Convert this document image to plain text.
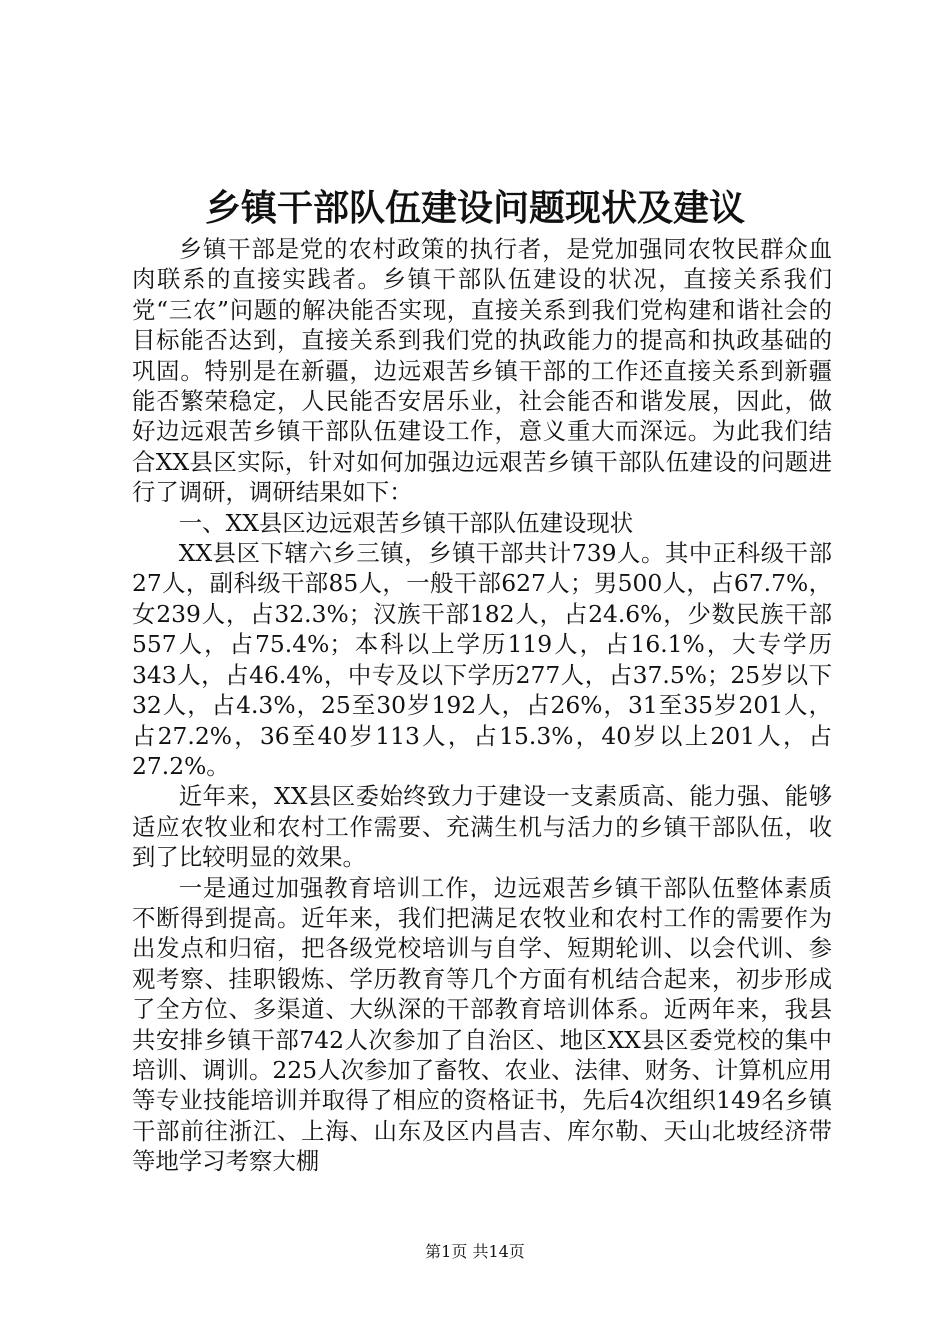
乡镇干部队伍建设问题现状及建议

乡镇干部是党的农村政策的执行者，是党加强同农牧民群众血肉联系的直接实践者。乡镇干部队伍建设的状况，直接关系我们党“三农”问题的解决能否实现，直接关系到我们党构建和谐社会的目标能否达到，直接关系到我们党的执政能力的提高和执政基础的巩固。特别是在新疆，边远艰苦乡镇干部的工作还直接关系到新疆能否繁荣稳定，人民能否安居乐业，社会能否和谐发展，因此，做好边远艰苦乡镇干部队伍建设工作，意义重大而深远。为此我们结合XX县区实际，针对如何加强边远艰苦乡镇干部队伍建设的问题进行了调研，调研结果如下：

一、XX县区边远艰苦乡镇干部队伍建设现状

XX县区下辖六乡三镇，乡镇干部共计739人。其中正科级干部27人，副科级干部85人，一般干部627人；男500人，占67.7%，女239人，占32.3%；汉族干部182人，占24.6%，少数民族干部557人，占75.4%；本科以上学历119人，占16.1%，大专学历343人，占46.4%，中专及以下学历277人，占37.5%；25岁以下32人，占4.3%，25至30岁192人，占26%，31至35岁201人，占27.2%，36至40岁113人，占15.3%，40岁以上201人，占27.2%。

近年来，XX县区委始终致力于建设一支素质高、能力强、能够适应农牧业和农村工作需要、充满生机与活力的乡镇干部队伍，收到了比较明显的效果。

一是通过加强教育培训工作，边远艰苦乡镇干部队伍整体素质不断得到提高。近年来，我们把满足农牧业和农村工作的需要作为出发点和归宿，把各级党校培训与自学、短期轮训、以会代训、参观考察、挂职锻炼、学历教育等几个方面有机结合起来，初步形成了全方位、多渠道、大纵深的干部教育培训体系。近两年来，我县共安排乡镇干部742人次参加了自治区、地区XX县区委党校的集中培训、调训。225人次参加了畜牧、农业、法律、财务、计算机应用等专业技能培训并取得了相应的资格证书，先后4次组织149名乡镇干部前往浙江、上海、山东及区内昌吉、库尔勒、天山北坡经济带等地学习考察大棚

第1页 共14页
